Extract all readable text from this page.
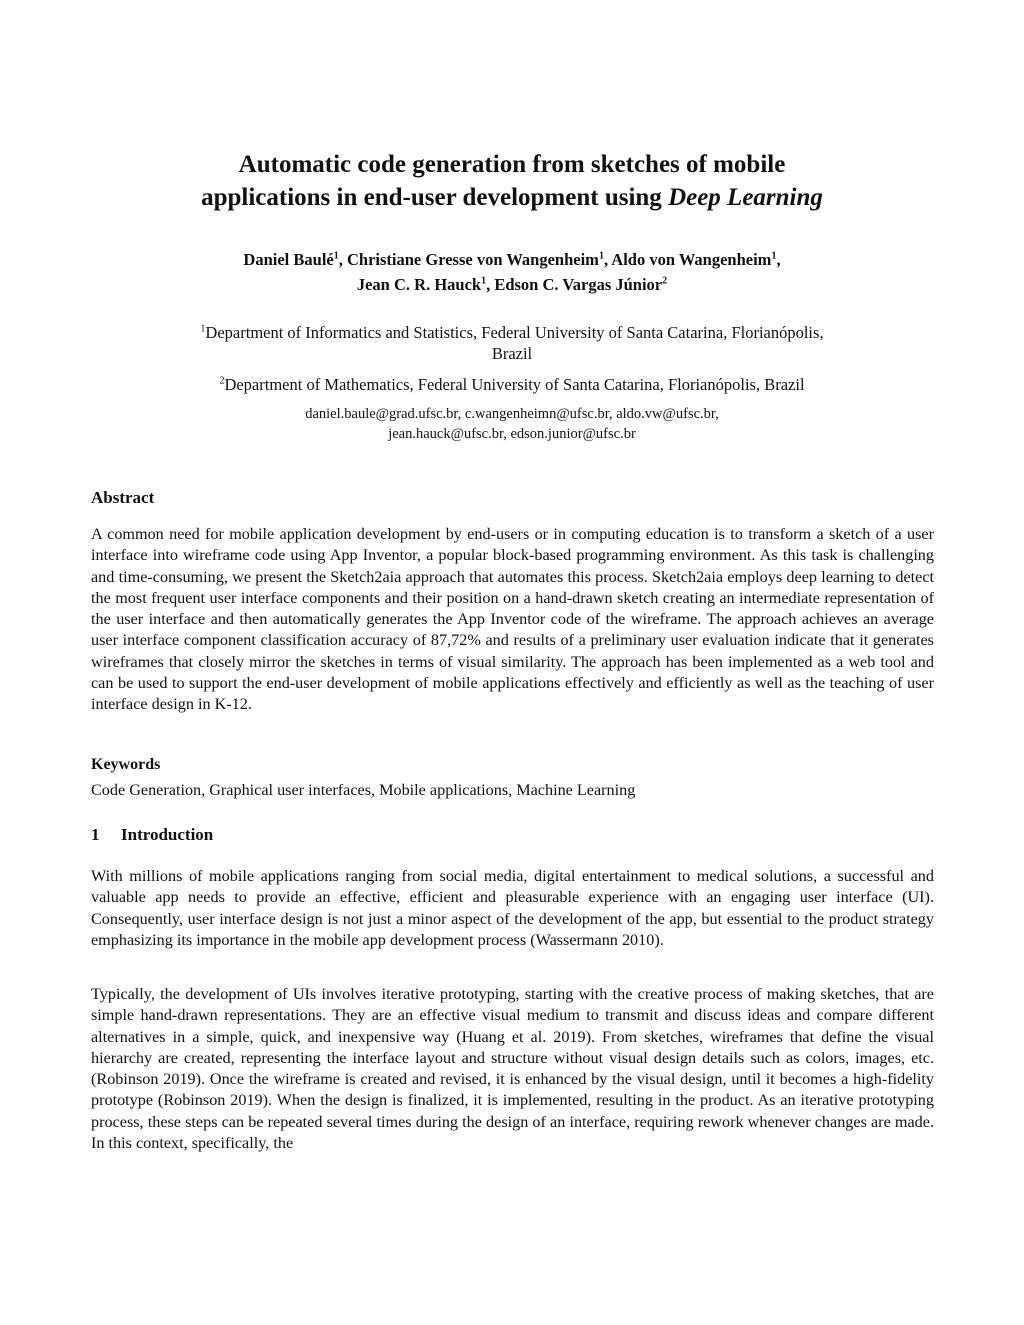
Automatic code generation from sketches of mobile
applications in end-user development using Deep Learning
Daniel Baulé$^1$, Christiane Gresse von Wangenheim$^1$, Aldo von Wangenheim$^1$,
Jean C. R. Hauck$^1$, Edson C. Vargas Júnior$^2$
$^1$Department of Informatics and Statistics, Federal University of Santa Catarina, Florianópolis,
Brazil
$^2$Department of Mathematics, Federal University of Santa Catarina, Florianópolis, Brazil
daniel.baule@grad.ufsc.br, c.wangenheimn@ufsc.br, aldo.vw@ufsc.br,
jean.hauck@ufsc.br, edson.junior@ufsc.br
Abstract
A common need for mobile application development by end-users or in computing education is to transform a sketch of a user interface into wireframe code using App Inventor, a popular block-based programming environment. As this task is challenging and time-consuming, we present the Sketch2aia approach that automates this process. Sketch2aia employs deep learning to detect the most frequent user interface components and their position on a hand-drawn sketch creating an intermediate representation of the user interface and then automatically generates the App Inventor code of the wireframe. The approach achieves an average user interface component classification accuracy of 87,72% and results of a preliminary user evaluation indicate that it generates wireframes that closely mirror the sketches in terms of visual similarity. The approach has been implemented as a web tool and can be used to support the end-user development of mobile applications effectively and efficiently as well as the teaching of user interface design in K-12.
Keywords
Code Generation, Graphical user interfaces, Mobile applications, Machine Learning
1 Introduction
With millions of mobile applications ranging from social media, digital entertainment to medical solutions, a successful and valuable app needs to provide an effective, efficient and pleasurable experience with an engaging user interface (UI). Consequently, user interface design is not just a minor aspect of the development of the app, but essential to the product strategy emphasizing its importance in the mobile app development process (Wassermann 2010).
Typically, the development of UIs involves iterative prototyping, starting with the creative process of making sketches, that are simple hand-drawn representations. They are an effective visual medium to transmit and discuss ideas and compare different alternatives in a simple, quick, and inexpensive way (Huang et al. 2019). From sketches, wireframes that define the visual hierarchy are created, representing the interface layout and structure without visual design details such as colors, images, etc. (Robinson 2019). Once the wireframe is created and revised, it is enhanced by the visual design, until it becomes a high-fidelity prototype (Robinson 2019). When the design is finalized, it is implemented, resulting in the product. As an iterative prototyping process, these steps can be repeated several times during the design of an interface, requiring rework whenever changes are made. In this context, specifically, the
